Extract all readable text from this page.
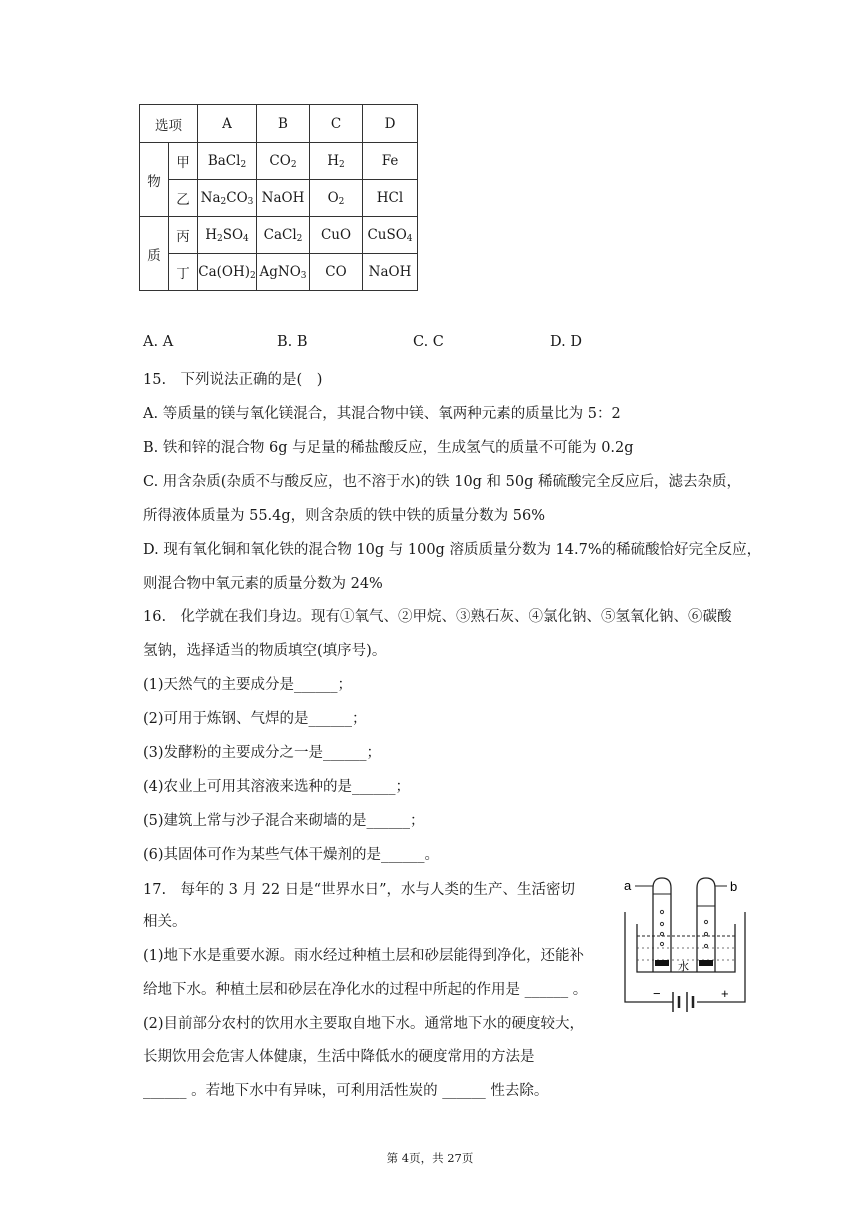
选项		A	B	C	D
物	甲	BaCl$_2$	$CO_2$	$H_2$	Fe
	乙	$Na_2CO_3$	NaOH	$O_2$	HCl
质	丙	$H_2SO_4$	CaCl$_2$	CuO	CuSO$_4$
	丁	$Ca(OH)_2$	AgNO$_3$	CO	NaOH
A. A	B. B	C. C	D. D
15.　下列说法正确的是(　)
A. 等质量的镁与氧化镁混合，其混合物中镁、氧两种元素的质量比为 5：2
B. 铁和锌的混合物 6g 与足量的稀盐酸反应，生成氢气的质量不可能为 0.2g
C. 用含杂质(杂质不与酸反应，也不溶于水)的铁 10g 和 50g 稀硫酸完全反应后，滤去杂质，
所得液体质量为 55.4g，则含杂质的铁中铁的质量分数为 56%
D. 现有氧化铜和氧化铁的混合物 10g 与 100g 溶质质量分数为 14.7%的稀硫酸恰好完全反应，
则混合物中氧元素的质量分数为 24%
16.　化学就在我们身边。现有①氧气、②甲烷、③熟石灰、④氯化钠、⑤氢氧化钠、⑥碳酸
氢钠，选择适当的物质填空(填序号)。
(1)天然气的主要成分是______；
(2)可用于炼钢、气焊的是______；
(3)发酵粉的主要成分之一是______；
(4)农业上可用其溶液来选种的是______；
(5)建筑上常与沙子混合来砌墙的是______；
(6)其固体可作为某些气体干燥剂的是______。
17.　每年的 3 月 22 日是“世界水日”，水与人类的生产、生活密切
相关。
(1)地下水是重要水源。雨水经过种植土层和砂层能得到净化，还能补
给地下水。种植土层和砂层在净化水的过程中所起的作用是 ______ 。
(2)目前部分农村的饮用水主要取自地下水。通常地下水的硬度较大，
长期饮用会危害人体健康，生活中降低水的硬度常用的方法是
______ 。若地下水中有异味，可利用活性炭的 ______ 性去除。
−	+
a	b
水
第 4页，共 27页
